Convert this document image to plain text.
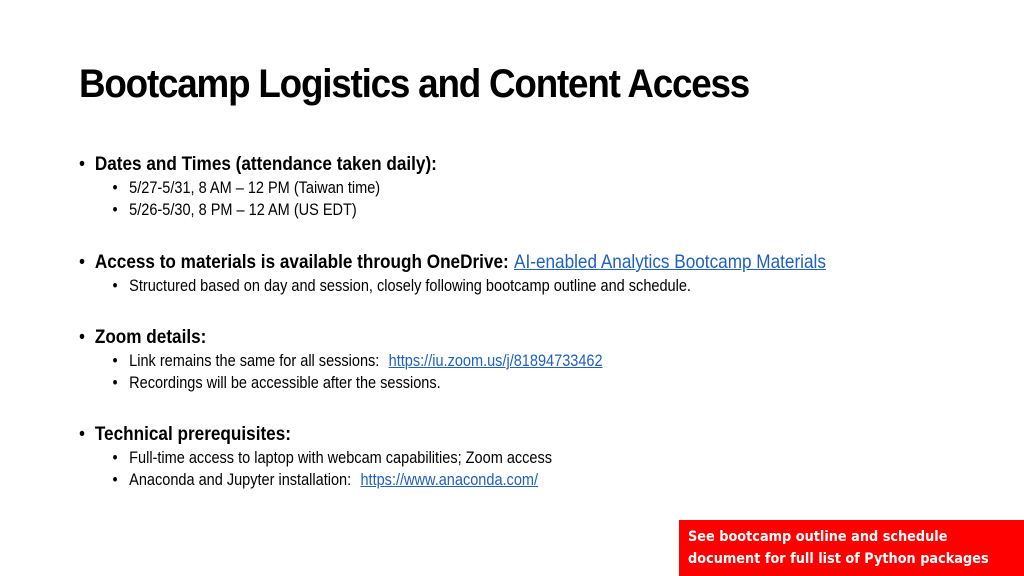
Bootcamp Logistics and Content Access
• Dates and Times (attendance taken daily):
• 5/27-5/31, 8 AM – 12 PM (Taiwan time)
• 5/26-5/30, 8 PM – 12 AM (US EDT)
• Access to materials is available through OneDrive: AI-enabled Analytics Bootcamp Materials
• Structured based on day and session, closely following bootcamp outline and schedule.
• Zoom details:
• Link remains the same for all sessions: https://iu.zoom.us/j/81894733462
• Recordings will be accessible after the sessions.
• Technical prerequisites:
• Full-time access to laptop with webcam capabilities; Zoom access
• Anaconda and Jupyter installation: https://www.anaconda.com/
See bootcamp outline and schedule
document for full list of Python packages
